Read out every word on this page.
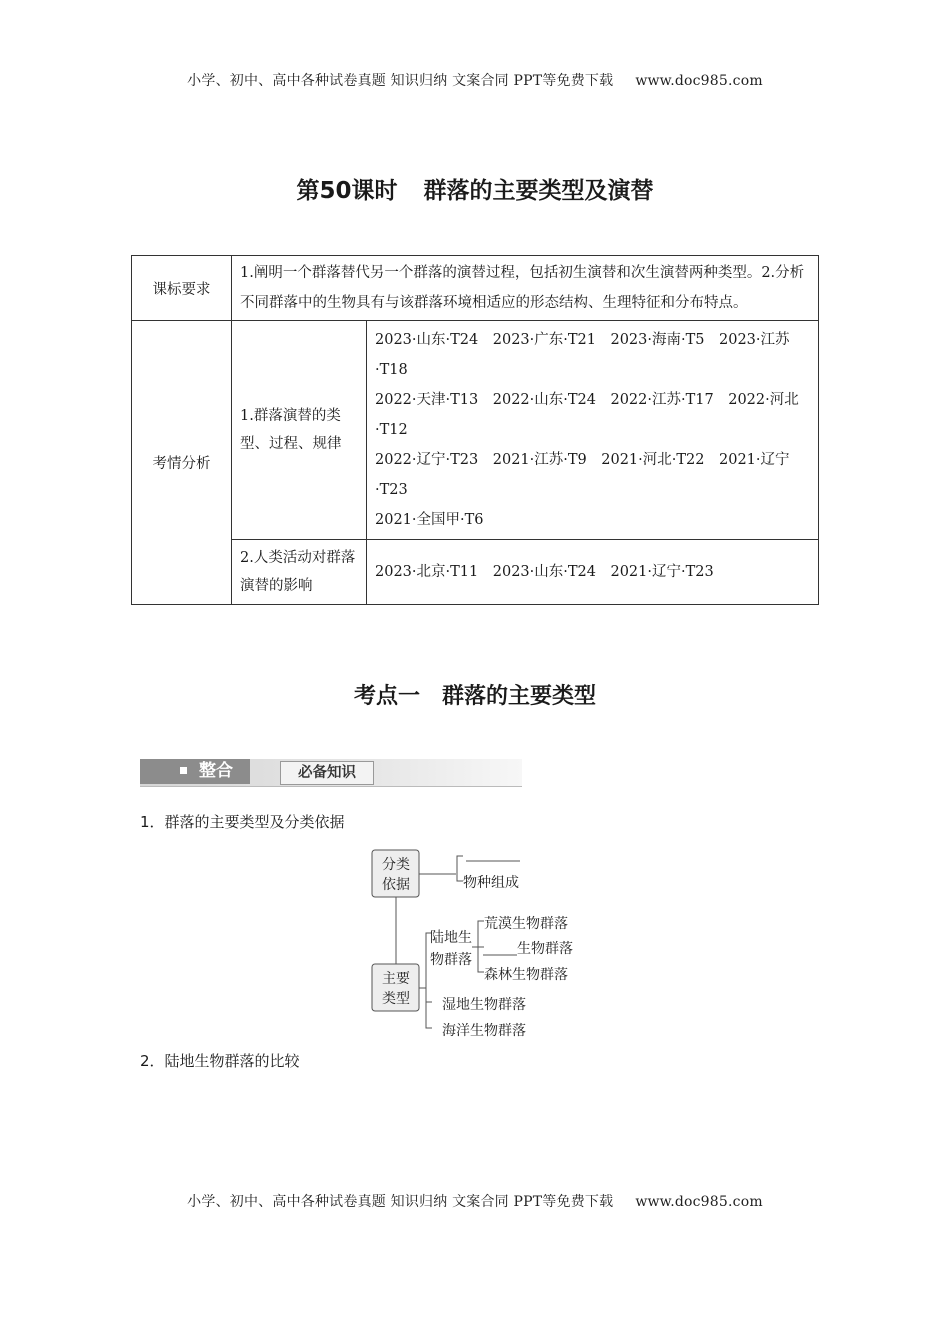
小学、初中、高中各种试卷真题 知识归纳 文案合同 PPT等免费下载 www.doc985.com
第50课时 群落的主要类型及演替
课标要求	1.阐明一个群落替代另一个群落的演替过程，包括初生演替和次生演替两种类型。2.分析不同群落中的生物具有与该群落环境相适应的形态结构、生理特征和分布特点。	
考情分析	1.群落演替的类型、过程、规律	2023·山东·T24　2023·广东·T21　2023·海南·T5　2023·江苏·T18
2022·天津·T13　2022·山东·T24　2022·江苏·T17　2022·河北·T12
2022·辽宁·T23　2021·江苏·T9　2021·河北·T22　2021·辽宁·T23
2021·全国甲·T6

	2.人类活动对群落演替的影响	2023·北京·T11　2023·山东·T24　2021·辽宁·T23
考点一 群落的主要类型
整合	必备知识
1．群落的主要类型及分类依据
分类
依据	物种组成
主要
类型
陆地生
物群落
荒漠生物群落
生物群落
森林生物群落
湿地生物群落
海洋生物群落
2．陆地生物群落的比较
小学、初中、高中各种试卷真题 知识归纳 文案合同 PPT等免费下载 www.doc985.com
